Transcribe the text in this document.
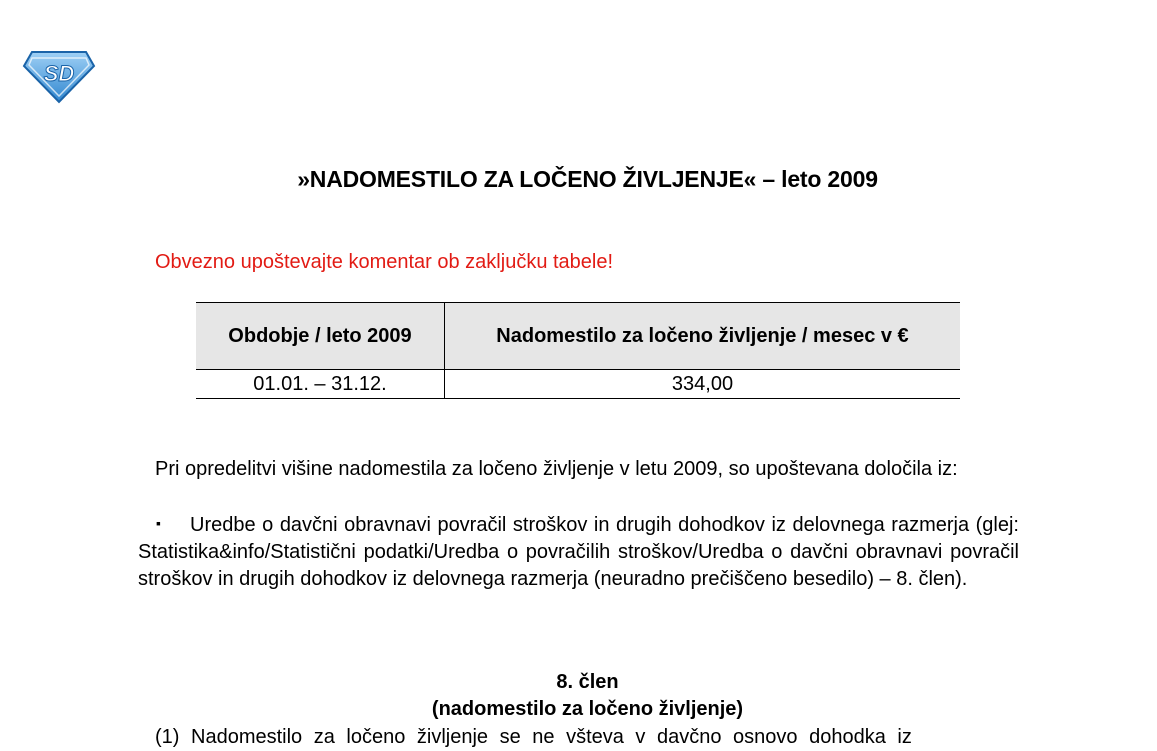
SD
»NADOMESTILO ZA LOČENO ŽIVLJENJE« – leto 2009
Obvezno upoštevajte komentar ob zaključku tabele!
Obdobje / leto 2009	Nadomestilo za ločeno življenje / mesec v €
01.01. – 31.12.	334,00
Pri opredelitvi višine nadomestila za ločeno življenje v letu 2009, so upoštevana določila iz:
▪ Uredbe o davčni obravnavi povračil stroškov in drugih dohodkov iz delovnega razmerja (glej: Statistika&info/Statistični podatki/Uredba o povračilih stroškov/Uredba o davčni obravnavi povračil stroškov in drugih dohodkov iz delovnega razmerja (neuradno prečiščeno besedilo) – 8. člen).
8. člen
(nadomestilo za ločeno življenje)
(1) Nadomestilo za ločeno življenje se ne všteva v davčno osnovo dohodka iz
